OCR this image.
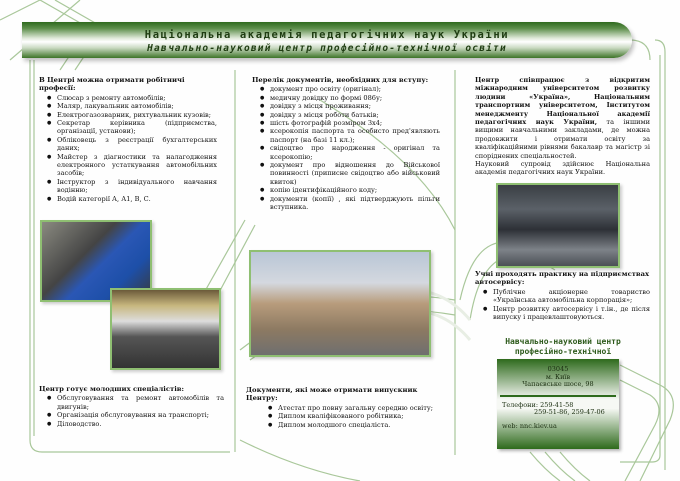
Національна академія педагогічних наук України
Навчально-науковий центр професійно-технічної освіти
В Центрі можна отримати робітничі професії:
● Слюсар з ремонту автомобілів;
● Маляр, лакувальник автомобілів;
● Електрогазозварник, рихтувальник кузовів;
● Секретар керівника (підприємства, організації, установи);
● Обліковець з реєстрації бухгалтерських даних;
● Майстер з діагностики та налагодження електронного устаткування автомобільних засобів;
● Інструктор з індивідуального навчання водінню;
● Водій категорії А, А1, В, С.
Центр готує молодших спеціалістів:
● Обслуговування та ремонт автомобілів та двигунів;
● Організація обслуговування на транспорті;
● Діловодство.
Перелік документів, необхідних для вступу:
● документ про освіту (оригінал);
● медичну довідку по формі 086у;
● довідку з місця проживання;
● довідку з місця роботи батьків;
● шість фотографій розміром 3x4;
● ксерокопія паспорта та особисто пред'являють паспорт (на базі 11 кл.);
● свідоцтво про народження - оригінал та ксерокопію;
● документ про відношення до Військової повинності (приписне свідоцтво або військовий квиток)
● копію ідентифікаційного коду;
● документи (копії) , які підтверджують пільги вступника.
Документи, які може отримати випускник Центру:
● Атестат про повну загальну середню освіту;
● Диплом кваліфікованого робітника;
● Диплом молодшого спеціаліста.

Центр співпрацює з відкритим міжнародним університетом розвитку людини «Україна», Національним транспортним університетом, Інститутом менеджменту Національної академії педагогічних наук України, та іншими вищими навчальними закладами, де можна продовжити і отримати освіту за кваліфікаційними рівнями бакалавр та магістр зі споріднених спеціальностей.

Науковий супровід здійснює Національна академія педагогічних наук України.

Учні проходять практику на підприємствах автосервісу:
● Публічне акціонерне товариство «Українська автомобільна корпорація»;
● Центр розвитку автосервісу і т.ін., де після випуску і працевлаштовуються.
Навчально-науковий центр
професійно-технічної
03045
м. Київ
Чапаєвське шосе, 98
Телефони: 259-41-58
259-51-86, 259-47-06
web: nnc.kiev.ua
